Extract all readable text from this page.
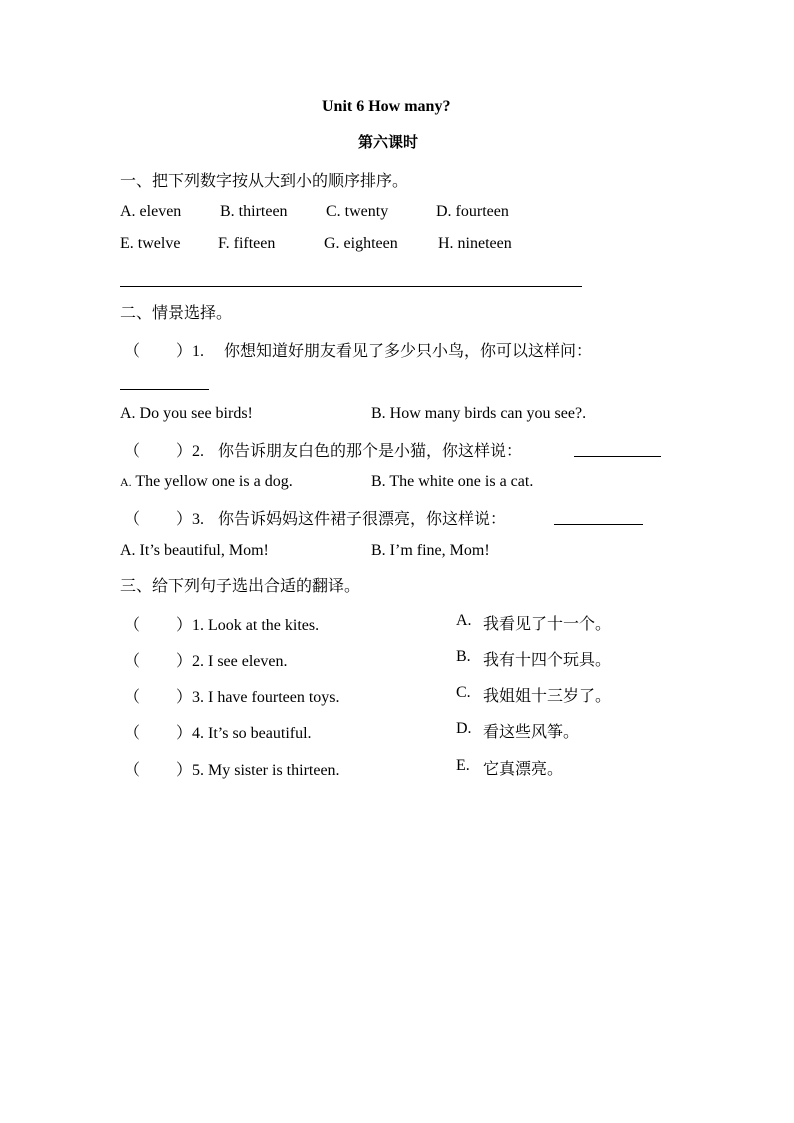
Unit 6 How many?
第六课时
一、把下列数字按从大到小的顺序排序。
A. eleven B. thirteen C. twenty	D. fourteen
E. twelve F. fifteen	G. eighteen	H. nineteen
二、情景选择。
（ ）1. 你想知道好朋友看见了多少只小鸟，你可以这样问：
A. Do you see birds!	B. How many birds can you see?.
（ ）2. 你告诉朋友白色的那个是小猫，你这样说：
A. The yellow one is a dog.	B. The white one is a cat.
（ ）3. 你告诉妈妈这件裙子很漂亮，你这样说：
A. It’s beautiful, Mom!	B. I’m fine, Mom!
三、给下列句子选出合适的翻译。
（ ）1. Look at the kites.	A. 我看见了十一个。
（ ）2. I see eleven.	B. 我有十四个玩具。
（ ）3. I have fourteen toys.	C. 我姐姐十三岁了。
（ ）4. It’s so beautiful.	D. 看这些风筝。
（ ）5. My sister is thirteen.	E. 它真漂亮。
